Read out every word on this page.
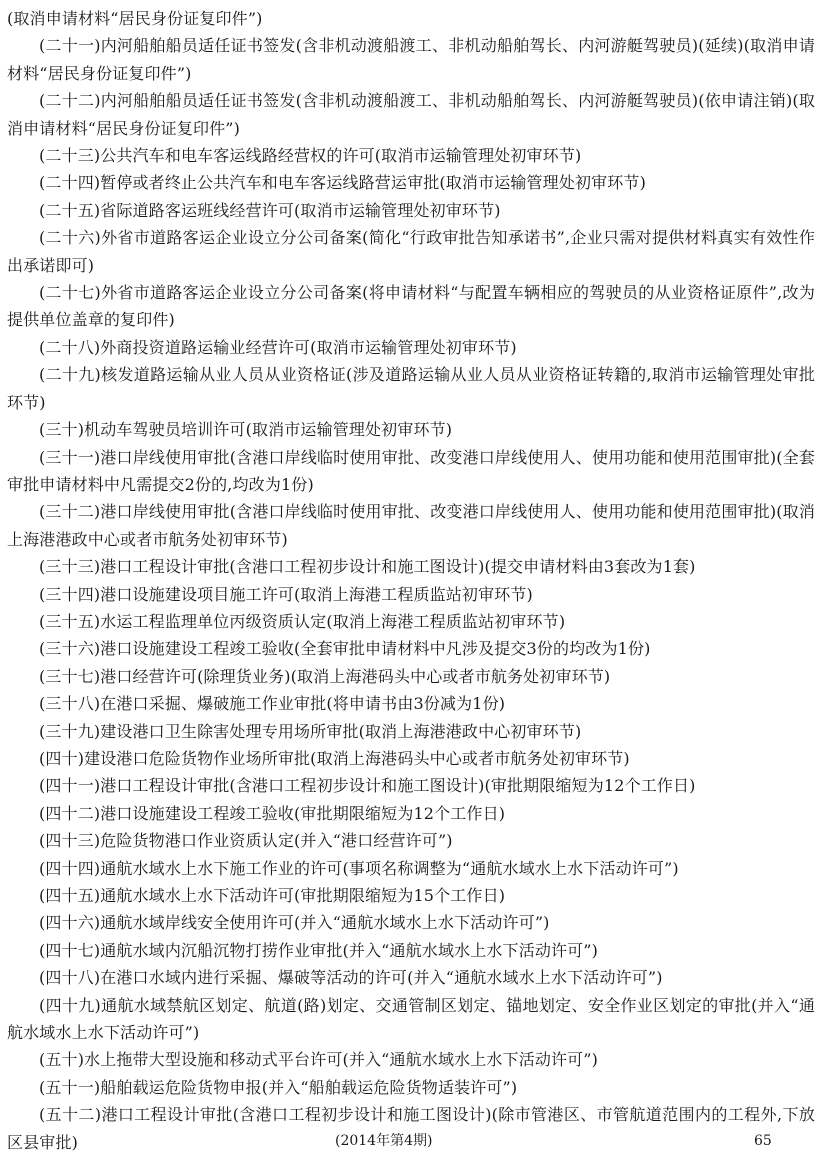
(取消申请材料“居民身份证复印件”)

(二十一)内河船舶船员适任证书签发(含非机动渡船渡工、非机动船舶驾长、内河游艇驾驶员)(延续)(取消申请材料“居民身份证复印件”)

(二十二)内河船舶船员适任证书签发(含非机动渡船渡工、非机动船舶驾长、内河游艇驾驶员)(依申请注销)(取消申请材料“居民身份证复印件”)

(二十三)公共汽车和电车客运线路经营权的许可(取消市运输管理处初审环节)

(二十四)暂停或者终止公共汽车和电车客运线路营运审批(取消市运输管理处初审环节)

(二十五)省际道路客运班线经营许可(取消市运输管理处初审环节)

(二十六)外省市道路客运企业设立分公司备案(简化“行政审批告知承诺书”,企业只需对提供材料真实有效性作出承诺即可)

(二十七)外省市道路客运企业设立分公司备案(将申请材料“与配置车辆相应的驾驶员的从业资格证原件”,改为提供单位盖章的复印件)

(二十八)外商投资道路运输业经营许可(取消市运输管理处初审环节)

(二十九)核发道路运输从业人员从业资格证(涉及道路运输从业人员从业资格证转籍的,取消市运输管理处审批环节)

(三十)机动车驾驶员培训许可(取消市运输管理处初审环节)

(三十一)港口岸线使用审批(含港口岸线临时使用审批、改变港口岸线使用人、使用功能和使用范围审批)(全套审批申请材料中凡需提交2份的,均改为1份)

(三十二)港口岸线使用审批(含港口岸线临时使用审批、改变港口岸线使用人、使用功能和使用范围审批)(取消上海港港政中心或者市航务处初审环节)

(三十三)港口工程设计审批(含港口工程初步设计和施工图设计)(提交申请材料由3套改为1套)

(三十四)港口设施建设项目施工许可(取消上海港工程质监站初审环节)

(三十五)水运工程监理单位丙级资质认定(取消上海港工程质监站初审环节)

(三十六)港口设施建设工程竣工验收(全套审批申请材料中凡涉及提交3份的均改为1份)

(三十七)港口经营许可(除理货业务)(取消上海港码头中心或者市航务处初审环节)

(三十八)在港口采掘、爆破施工作业审批(将申请书由3份减为1份)

(三十九)建设港口卫生除害处理专用场所审批(取消上海港港政中心初审环节)

(四十)建设港口危险货物作业场所审批(取消上海港码头中心或者市航务处初审环节)

(四十一)港口工程设计审批(含港口工程初步设计和施工图设计)(审批期限缩短为12个工作日)

(四十二)港口设施建设工程竣工验收(审批期限缩短为12个工作日)

(四十三)危险货物港口作业资质认定(并入“港口经营许可”)

(四十四)通航水域水上水下施工作业的许可(事项名称调整为“通航水域水上水下活动许可”)

(四十五)通航水域水上水下活动许可(审批期限缩短为15个工作日)

(四十六)通航水域岸线安全使用许可(并入“通航水域水上水下活动许可”)

(四十七)通航水域内沉船沉物打捞作业审批(并入“通航水域水上水下活动许可”)

(四十八)在港口水域内进行采掘、爆破等活动的许可(并入“通航水域水上水下活动许可”)

(四十九)通航水域禁航区划定、航道(路)划定、交通管制区划定、锚地划定、安全作业区划定的审批(并入“通航水域水上水下活动许可”)

(五十)水上拖带大型设施和移动式平台许可(并入“通航水域水上水下活动许可”)

(五十一)船舶载运危险货物申报(并入“船舶载运危险货物适装许可”)

(五十二)港口工程设计审批(含港口工程初步设计和施工图设计)(除市管港区、市管航道范围内的工程外,下放区县审批)	(2014年第4期)	65
